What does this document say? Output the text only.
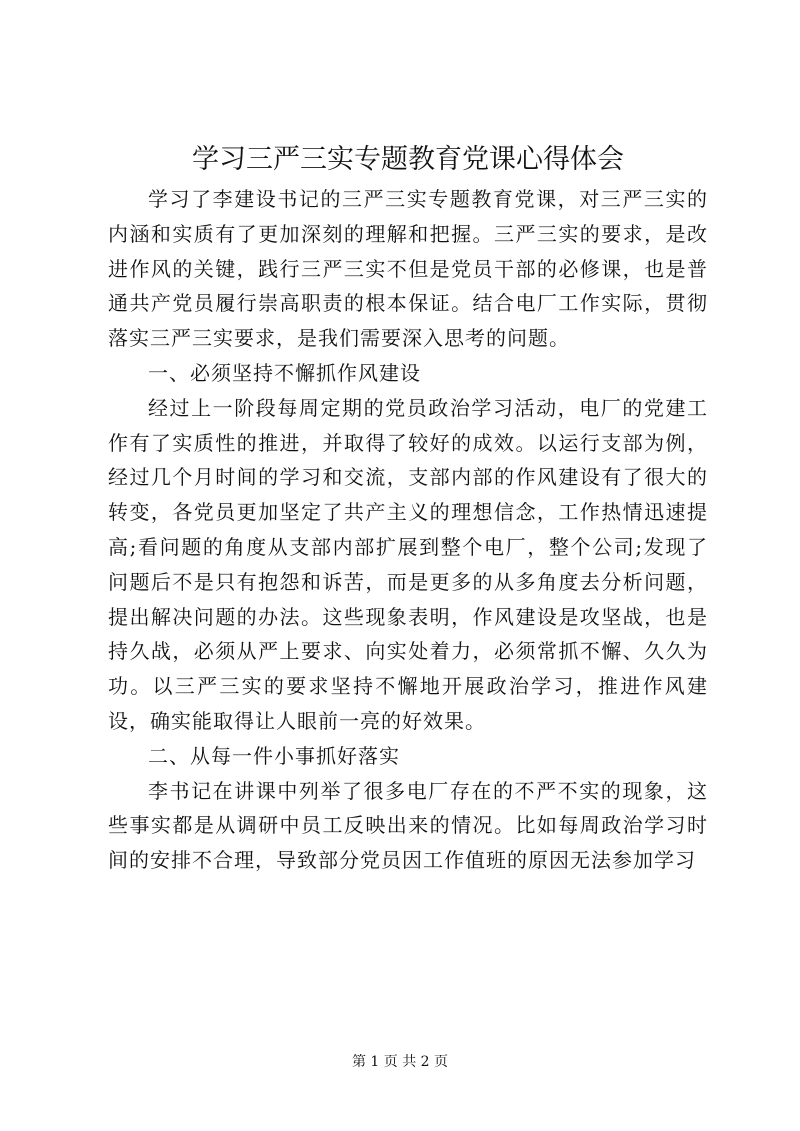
学习三严三实专题教育党课心得体会

学习了李建设书记的三严三实专题教育党课，对三严三实的内涵和实质有了更加深刻的理解和把握。三严三实的要求，是改进作风的关键，践行三严三实不但是党员干部的必修课，也是普通共产党员履行崇高职责的根本保证。结合电厂工作实际，贯彻落实三严三实要求，是我们需要深入思考的问题。

一、必须坚持不懈抓作风建设

经过上一阶段每周定期的党员政治学习活动，电厂的党建工作有了实质性的推进，并取得了较好的成效。以运行支部为例，经过几个月时间的学习和交流，支部内部的作风建设有了很大的转变，各党员更加坚定了共产主义的理想信念，工作热情迅速提高;看问题的角度从支部内部扩展到整个电厂，整个公司;发现了问题后不是只有抱怨和诉苦，而是更多的从多角度去分析问题，提出解决问题的办法。这些现象表明，作风建设是攻坚战，也是持久战，必须从严上要求、向实处着力，必须常抓不懈、久久为功。以三严三实的要求坚持不懈地开展政治学习，推进作风建设，确实能取得让人眼前一亮的好效果。

二、从每一件小事抓好落实

李书记在讲课中列举了很多电厂存在的不严不实的现象，这些事实都是从调研中员工反映出来的情况。比如每周政治学习时间的安排不合理，导致部分党员因工作值班的原因无法参加学习

第 1 页 共 2 页
